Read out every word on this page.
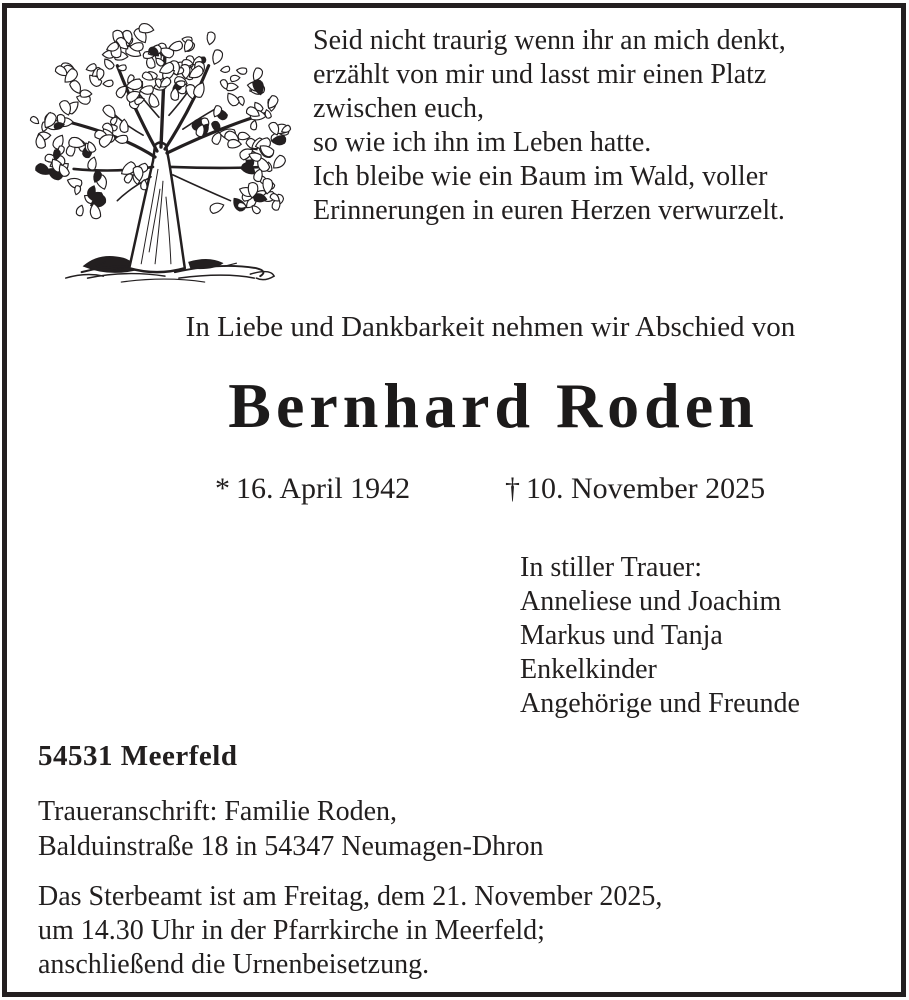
Seid nicht traurig wenn ihr an mich denkt,
erzählt von mir und lasst mir einen Platz
zwischen euch,
so wie ich ihn im Leben hatte.
Ich bleibe wie ein Baum im Wald, voller
Erinnerungen in euren Herzen verwurzelt.
In Liebe und Dankbarkeit nehmen wir Abschied von
Bernhard Roden
* 16. April 1942	† 10. November 2025
In stiller Trauer:
Anneliese und Joachim
Markus und Tanja
Enkelkinder
Angehörige und Freunde
54531 Meerfeld
Traueranschrift: Familie Roden,
Balduinstraße 18 in 54347 Neumagen-Dhron
Das Sterbeamt ist am Freitag, dem 21. November 2025,
um 14.30 Uhr in der Pfarrkirche in Meerfeld;
anschließend die Urnenbeisetzung.
